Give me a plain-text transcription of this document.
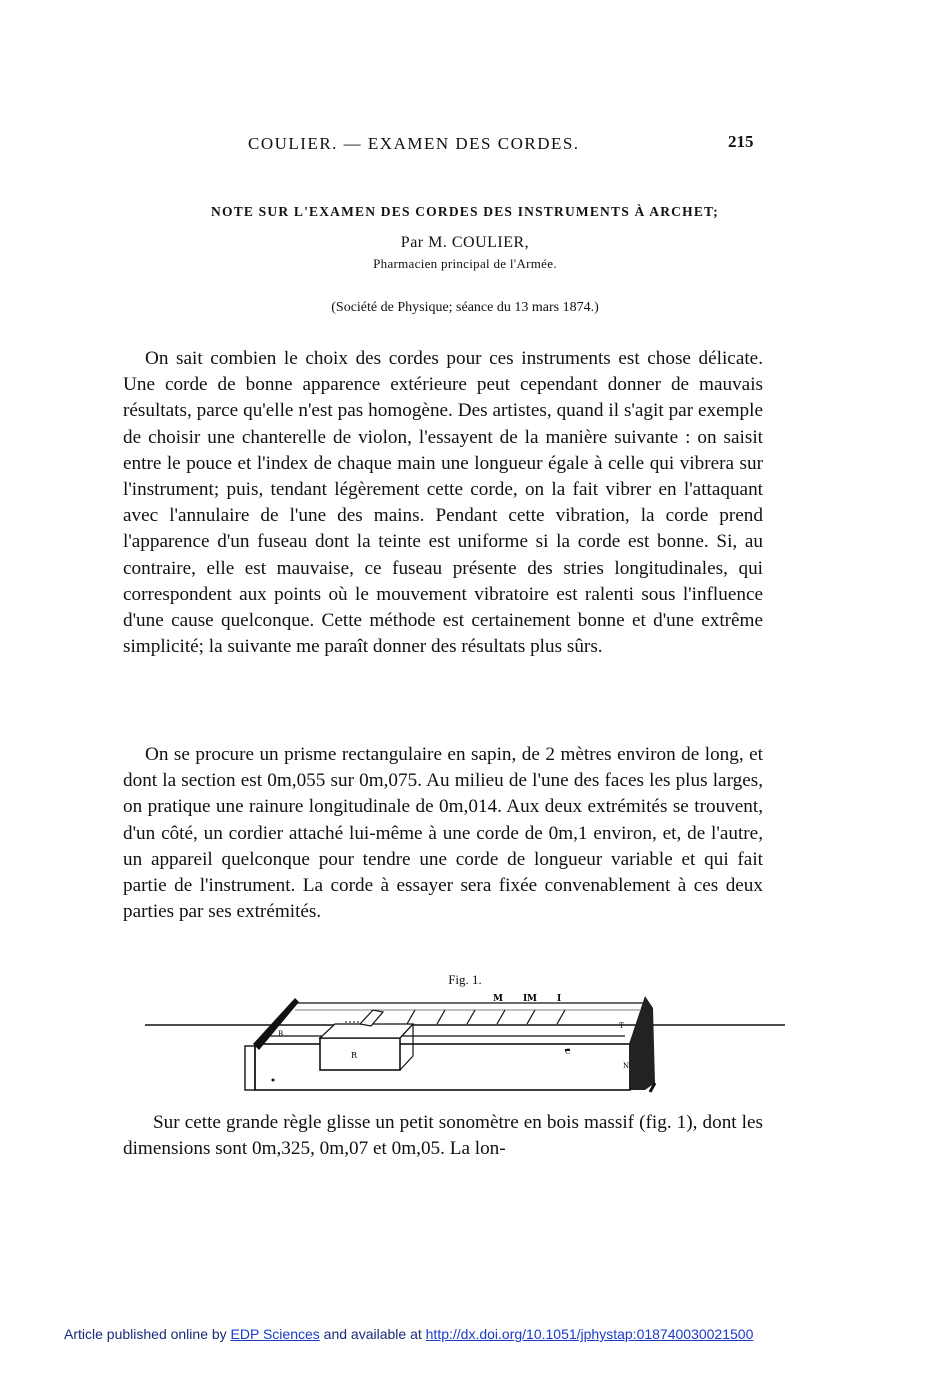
COULIER. — EXAMEN DES CORDES.	215
NOTE SUR L'EXAMEN DES CORDES DES INSTRUMENTS À ARCHET;
Par M. COULIER,
Pharmacien principal de l'Armée.
(Société de Physique; séance du 13 mars 1874.)

On sait combien le choix des cordes pour ces instruments est chose délicate. Une corde de bonne apparence extérieure peut cependant donner de mauvais résultats, parce qu'elle n'est pas homogène. Des artistes, quand il s'agit par exemple de choisir une chanterelle de violon, l'essayent de la manière suivante : on saisit entre le pouce et l'index de chaque main une longueur égale à celle qui vibrera sur l'instrument; puis, tendant légèrement cette corde, on la fait vibrer en l'attaquant avec l'annulaire de l'une des mains. Pendant cette vibration, la corde prend l'apparence d'un fuseau dont la teinte est uniforme si la corde est bonne. Si, au contraire, elle est mauvaise, ce fuseau présente des stries longitudinales, qui correspondent aux points où le mouvement vibratoire est ralenti sous l'influence d'une cause quelconque. Cette méthode est certainement bonne et d'une extrême simplicité; la suivante me paraît donner des résultats plus sûrs.

On se procure un prisme rectangulaire en sapin, de 2 mètres environ de long, et dont la section est 0m,055 sur 0m,075. Au milieu de l'une des faces les plus larges, on pratique une rainure longitudinale de 0m,014. Aux deux extrémités se trouvent, d'un côté, un cordier attaché lui-même à une corde de 0m,1 environ, et, de l'autre, un appareil quelconque pour tendre une corde de longueur variable et qui fait partie de l'instrument. La corde à essayer sera fixée convenablement à ces deux parties par ses extrémités.

Fig. 1.
M I M I
B
R	C
T
N

Sur cette grande règle glisse un petit sonomètre en bois massif (fig. 1), dont les dimensions sont 0m,325, 0m,07 et 0m,05. La lon-

Article published online by EDP Sciences and available at http://dx.doi.org/10.1051/jphystap:018740030021500
